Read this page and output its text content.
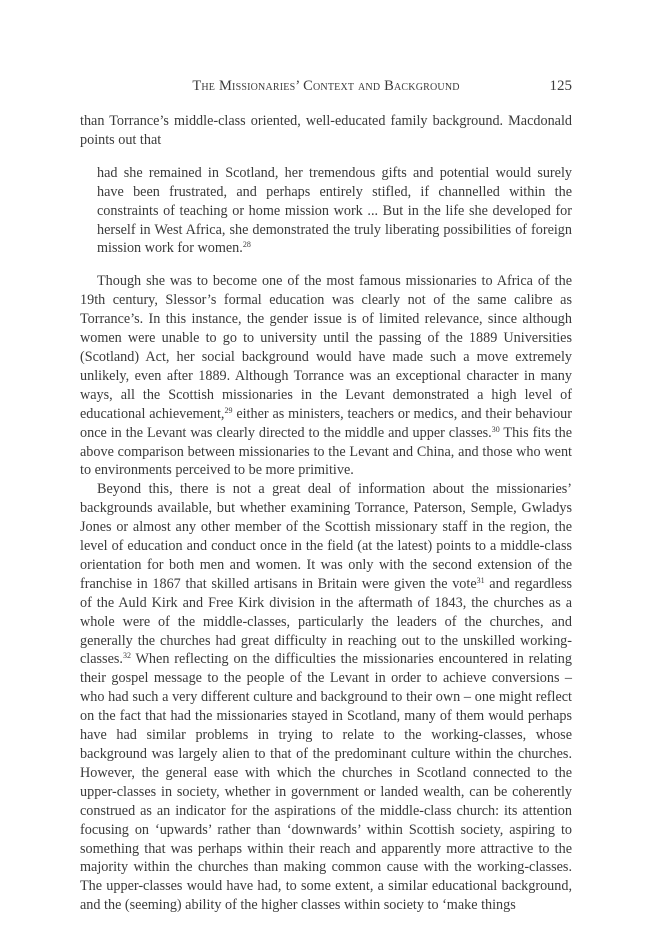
The Missionaries’ Context and Background	125

than Torrance’s middle-class oriented, well-educated family background. Macdonald points out that

had she remained in Scotland, her tremendous gifts and potential would surely have been frustrated, and perhaps entirely stifled, if channelled within the constraints of teaching or home mission work ... But in the life she developed for herself in West Africa, she demonstrated the truly liberating possibilities of foreign mission work for women.$^{28}$

Though she was to become one of the most famous missionaries to Africa of the 19th century, Slessor’s formal education was clearly not of the same calibre as Torrance’s. In this instance, the gender issue is of limited relevance, since although women were unable to go to university until the passing of the 1889 Universities (Scotland) Act, her social background would have made such a move extremely unlikely, even after 1889. Although Torrance was an exceptional character in many ways, all the Scottish missionaries in the Levant demonstrated a high level of educational achievement,$^{29}$ either as ministers, teachers or medics, and their behaviour once in the Levant was clearly directed to the middle and upper classes.$^{30}$ This fits the above comparison between missionaries to the Levant and China, and those who went to environments perceived to be more primitive.

Beyond this, there is not a great deal of information about the missionaries’ backgrounds available, but whether examining Torrance, Paterson, Semple, Gwladys Jones or almost any other member of the Scottish missionary staff in the region, the level of education and conduct once in the field (at the latest) points to a middle-class orientation for both men and women. It was only with the second extension of the franchise in 1867 that skilled artisans in Britain were given the vote$^{31}$ and regardless of the Auld Kirk and Free Kirk division in the aftermath of 1843, the churches as a whole were of the middle-classes, particularly the leaders of the churches, and generally the churches had great difficulty in reaching out to the unskilled working-classes.$^{32}$ When reflecting on the difficulties the missionaries encountered in relating their gospel message to the people of the Levant in order to achieve conversions – who had such a very different culture and background to their own – one might reflect on the fact that had the missionaries stayed in Scotland, many of them would perhaps have had similar problems in trying to relate to the working-classes, whose background was largely alien to that of the predominant culture within the churches. However, the general ease with which the churches in Scotland connected to the upper-classes in society, whether in government or landed wealth, can be coherently construed as an indicator for the aspirations of the middle-class church: its attention focusing on ‘upwards’ rather than ‘downwards’ within Scottish society, aspiring to something that was perhaps within their reach and apparently more attractive to the majority within the churches than making common cause with the working-classes. The upper-classes would have had, to some extent, a similar educational background, and the (seeming) ability of the higher classes within society to ‘make things
